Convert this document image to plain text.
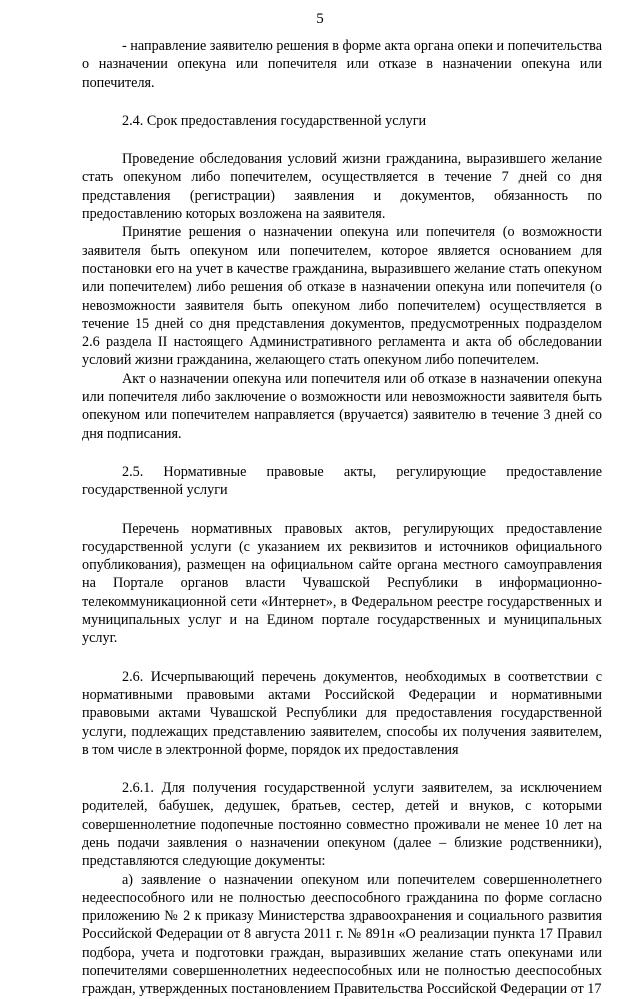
5

- направление заявителю решения в форме акта органа опеки и попечительства о назначении опекуна или попечителя или отказе в назначении опекуна или попечителя.

2.4. Срок предоставления государственной услуги

Проведение обследования условий жизни гражданина, выразившего желание стать опекуном либо попечителем, осуществляется в течение 7 дней со дня представления (регистрации) заявления и документов, обязанность по предоставлению которых возложена на заявителя.

Принятие решения о назначении опекуна или попечителя (о возможности заявителя быть опекуном или попечителем, которое является основанием для постановки его на учет в качестве гражданина, выразившего желание стать опекуном или попечителем) либо решения об отказе в назначении опекуна или попечителя (о невозможности заявителя быть опекуном либо попечителем) осуществляется в течение 15 дней со дня представления документов, предусмотренных подразделом 2.6 раздела II настоящего Административного регламента и акта об обследовании условий жизни гражданина, желающего стать опекуном либо попечителем.

Акт о назначении опекуна или попечителя или об отказе в назначении опекуна или попечителя либо заключение о возможности или невозможности заявителя быть опекуном или попечителем направляется (вручается) заявителю в течение 3 дней со дня подписания.

2.5. Нормативные правовые акты, регулирующие предоставление государственной услуги

Перечень нормативных правовых актов, регулирующих предоставление государственной услуги (с указанием их реквизитов и источников официального опубликования), размещен на официальном сайте органа местного самоуправления на Портале органов власти Чувашской Республики в информационно-телекоммуникационной сети «Интернет», в Федеральном реестре государственных и муниципальных услуг и на Едином портале государственных и муниципальных услуг.

2.6. Исчерпывающий перечень документов, необходимых в соответствии с нормативными правовыми актами Российской Федерации и нормативными правовыми актами Чувашской Республики для предоставления государственной услуги, подлежащих представлению заявителем, способы их получения заявителем, в том числе в электронной форме, порядок их предоставления

2.6.1. Для получения государственной услуги заявителем, за исключением родителей, бабушек, дедушек, братьев, сестер, детей и внуков, с которыми совершеннолетние подопечные постоянно совместно проживали не менее 10 лет на день подачи заявления о назначении опекуном (далее – близкие родственники), представляются следующие документы:

а) заявление о назначении опекуном или попечителем совершеннолетнего недееспособного или не полностью дееспособного гражданина по форме согласно приложению № 2 к приказу Министерства здравоохранения и социального развития Российской Федерации от 8 августа 2011 г. № 891н «О реализации пункта 17 Правил подбора, учета и подготовки граждан, выразивших желание стать опекунами или попечителями совершеннолетних недееспособных или не полностью дееспособных граждан, утвержденных постановлением Правительства Российской Федерации от 17
